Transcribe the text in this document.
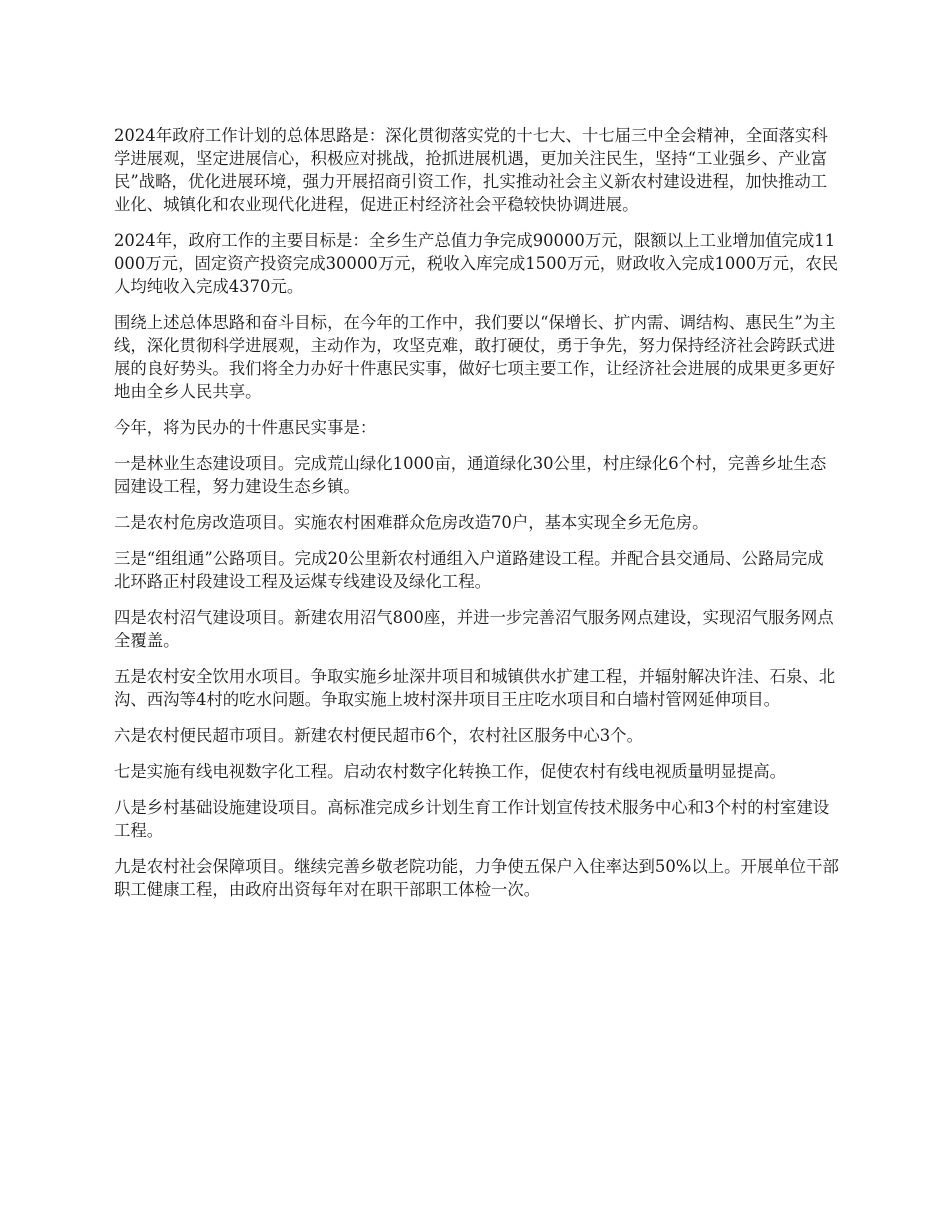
2024年政府工作计划的总体思路是：深化贯彻落实党的十七大、十七届三中全会精神，全面落实科学进展观，坚定进展信心，积极应对挑战，抢抓进展机遇，更加关注民生，坚持“工业强乡、产业富民”战略，优化进展环境，强力开展招商引资工作，扎实推动社会主义新农村建设进程，加快推动工业化、城镇化和农业现代化进程，促进正村经济社会平稳较快协调进展。

2024年，政府工作的主要目标是：全乡生产总值力争完成90000万元，限额以上工业增加值完成11000万元，固定资产投资完成30000万元，税收入库完成1500万元，财政收入完成1000万元，农民人均纯收入完成4370元。

围绕上述总体思路和奋斗目标，在今年的工作中，我们要以“保增长、扩内需、调结构、惠民生”为主线，深化贯彻科学进展观，主动作为，攻坚克难，敢打硬仗，勇于争先，努力保持经济社会跨跃式进展的良好势头。我们将全力办好十件惠民实事，做好七项主要工作，让经济社会进展的成果更多更好地由全乡人民共享。

今年，将为民办的十件惠民实事是：

一是林业生态建设项目。完成荒山绿化1000亩，通道绿化30公里，村庄绿化6个村，完善乡址生态园建设工程，努力建设生态乡镇。

二是农村危房改造项目。实施农村困难群众危房改造70户，基本实现全乡无危房。

三是“组组通”公路项目。完成20公里新农村通组入户道路建设工程。并配合县交通局、公路局完成北环路正村段建设工程及运煤专线建设及绿化工程。

四是农村沼气建设项目。新建农用沼气800座，并进一步完善沼气服务网点建设，实现沼气服务网点全覆盖。

五是农村安全饮用水项目。争取实施乡址深井项目和城镇供水扩建工程，并辐射解决许洼、石泉、北沟、西沟等4村的吃水问题。争取实施上坡村深井项目王庄吃水项目和白墙村管网延伸项目。

六是农村便民超市项目。新建农村便民超市6个，农村社区服务中心3个。

七是实施有线电视数字化工程。启动农村数字化转换工作，促使农村有线电视质量明显提高。

八是乡村基础设施建设项目。高标准完成乡计划生育工作计划宣传技术服务中心和3个村的村室建设工程。

九是农村社会保障项目。继续完善乡敬老院功能，力争使五保户入住率达到50%以上。开展单位干部职工健康工程，由政府出资每年对在职干部职工体检一次。
